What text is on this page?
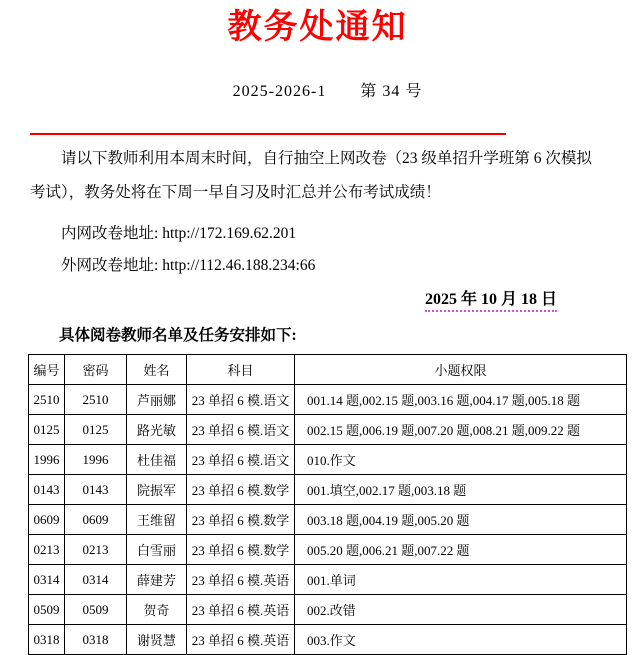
教务处通知

2025-2026-1 第 34 号

请以下教师利用本周末时间，自行抽空上网改卷（23 级单招升学班第 6 次模拟考试），教务处将在下周一早自习及时汇总并公布考试成绩！

内网改卷地址: http://172.169.62.201

外网改卷地址: http://112.46.188.234:66

2025 年 10 月 18 日
具体阅卷教师名单及任务安排如下:
编号	密码	姓名	科目	小题权限
2510	2510	芦丽娜	23 单招 6 模.语文	001.14 题,002.15 题,003.16 题,004.17 题,005.18 题
0125	0125	路光敏	23 单招 6 模.语文	002.15 题,006.19 题,007.20 题,008.21 题,009.22 题
1996	1996	杜佳福	23 单招 6 模.语文	010.作文
0143	0143	院振军	23 单招 6 模.数学	001.填空,002.17 题,003.18 题
0609	0609	王维留	23 单招 6 模.数学	003.18 题,004.19 题,005.20 题
0213	0213	白雪丽	23 单招 6 模.数学	005.20 题,006.21 题,007.22 题
0314	0314	薛建芳	23 单招 6 模.英语	001.单词
0509	0509	贺奇	23 单招 6 模.英语	002.改错
0318	0318	谢贤慧	23 单招 6 模.英语	003.作文
